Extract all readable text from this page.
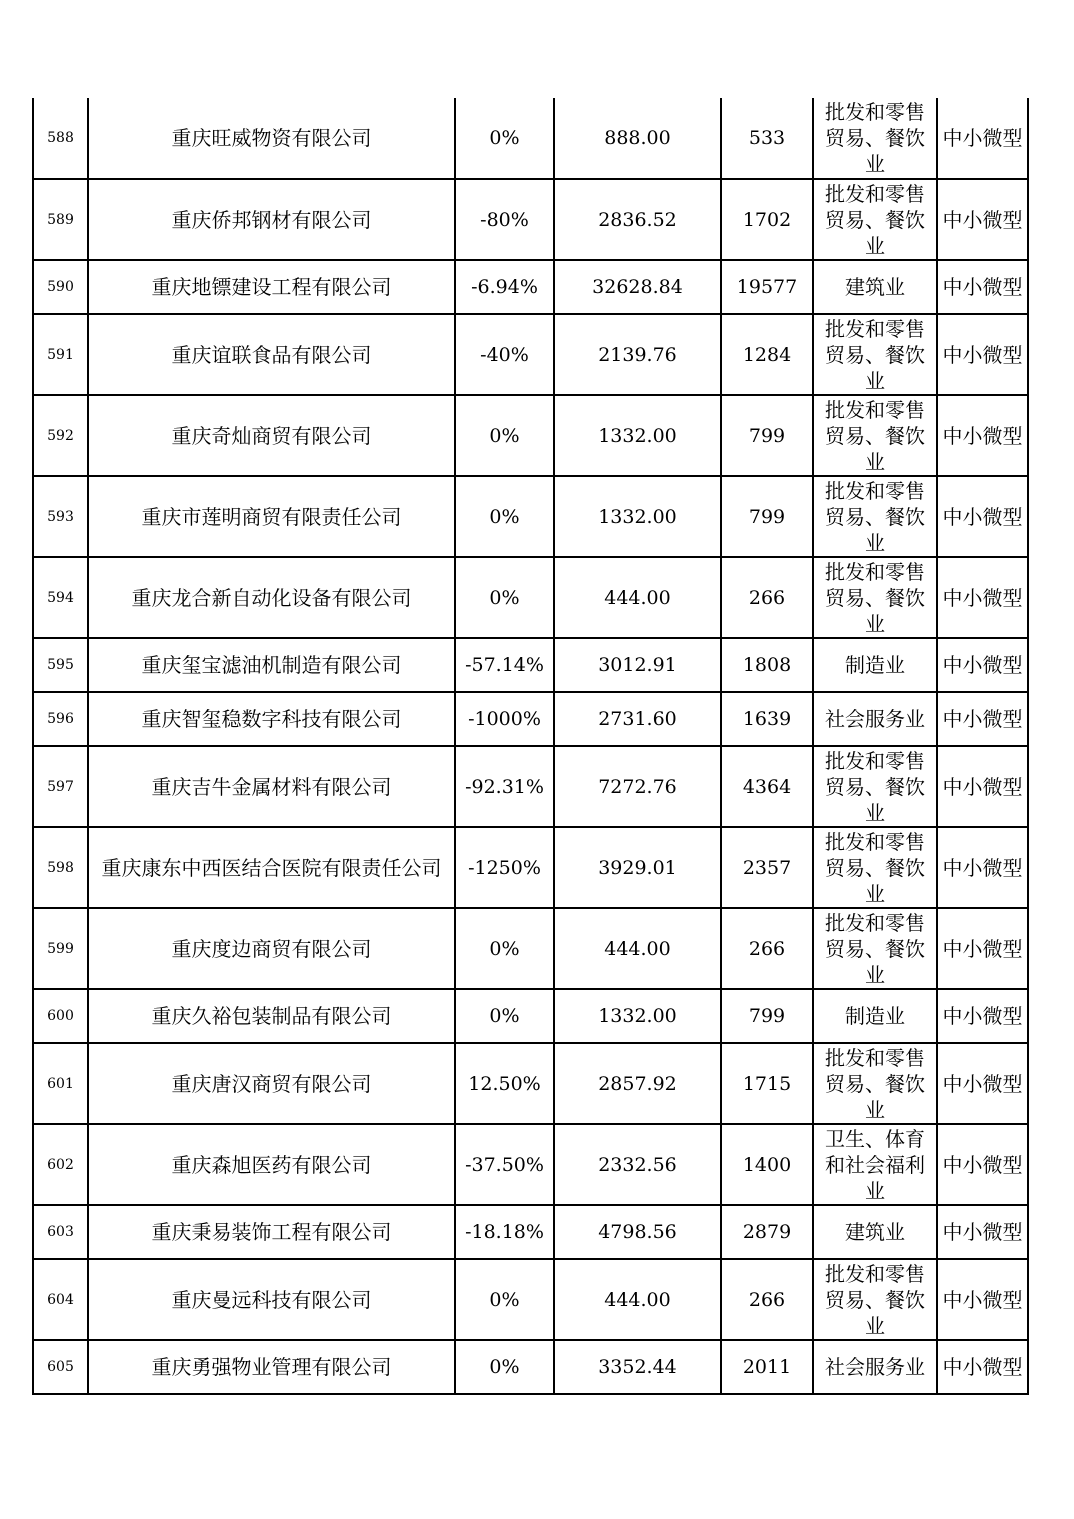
588	重庆旺威物资有限公司	0%	888.00	533	批发和零售贸易、餐饮业	中小微型
589	重庆侨邦钢材有限公司	-80%	2836.52	1702	批发和零售贸易、餐饮业	中小微型
590	重庆地镖建设工程有限公司	-6.94%	32628.84	19577	建筑业	中小微型
591	重庆谊联食品有限公司	-40%	2139.76	1284	批发和零售贸易、餐饮业	中小微型
592	重庆奇灿商贸有限公司	0%	1332.00	799	批发和零售贸易、餐饮业	中小微型
593	重庆市莲明商贸有限责任公司	0%	1332.00	799	批发和零售贸易、餐饮业	中小微型
594	重庆龙合新自动化设备有限公司	0%	444.00	266	批发和零售贸易、餐饮业	中小微型
595	重庆玺宝滤油机制造有限公司	-57.14%	3012.91	1808	制造业	中小微型
596	重庆智玺稳数字科技有限公司	-1000%	2731.60	1639	社会服务业	中小微型
597	重庆吉牛金属材料有限公司	-92.31%	7272.76	4364	批发和零售贸易、餐饮业	中小微型
598	重庆康东中西医结合医院有限责任公司	-1250%	3929.01	2357	批发和零售贸易、餐饮业	中小微型
599	重庆度边商贸有限公司	0%	444.00	266	批发和零售贸易、餐饮业	中小微型
600	重庆久裕包装制品有限公司	0%	1332.00	799	制造业	中小微型
601	重庆唐汉商贸有限公司	12.50%	2857.92	1715	批发和零售贸易、餐饮业	中小微型
602	重庆森旭医药有限公司	-37.50%	2332.56	1400	卫生、体育和社会福利业	中小微型
603	重庆秉易装饰工程有限公司	-18.18%	4798.56	2879	建筑业	中小微型
604	重庆曼远科技有限公司	0%	444.00	266	批发和零售贸易、餐饮业	中小微型
605	重庆勇强物业管理有限公司	0%	3352.44	2011	社会服务业	中小微型
